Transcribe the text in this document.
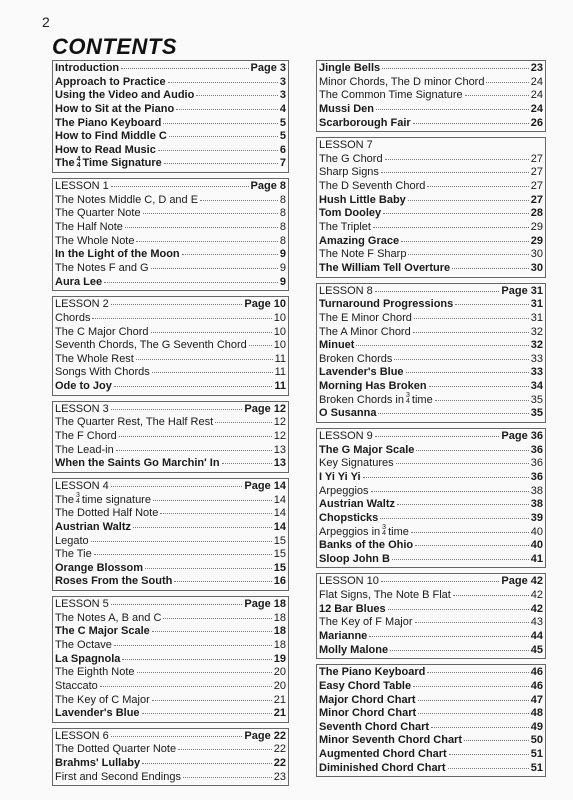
2
CONTENTS
Introduction	Page 3
Approach to Practice	3
Using the Video and Audio	3
How to Sit at the Piano	4
The Piano Keyboard	5
How to Find Middle C	5
How to Read Music	6
The 4
4 Time Signature	7
LESSON 1	Page 8
The Notes Middle C, D and E	8
The Quarter Note	8
The Half Note	8
The Whole Note	8
In the Light of the Moon	9
The Notes F and G	9
Aura Lee	9
LESSON 2	Page 10
Chords	10
The C Major Chord	10
Seventh Chords, The G Seventh Chord 10
The Whole Rest	11
Songs With Chords	11
Ode to Joy	11
LESSON 3	Page 12
The Quarter Rest, The Half Rest	12
The F Chord	12
The Lead-in	13
When the Saints Go Marchin' In	13
LESSON 4	Page 14
The 3
4 time signature	14
The Dotted Half Note	14
Austrian Waltz	14
Legato	15
The Tie	15
Orange Blossom	15
Roses From the South	16
LESSON 5	Page 18
The Notes A, B and C	18
The C Major Scale	18
The Octave	18
La Spagnola	19
The Eighth Note	20
Staccato	20
The Key of C Major	21
Lavender's Blue	21
LESSON 6	Page 22
The Dotted Quarter Note	22
Brahms' Lullaby	22
First and Second Endings	23
Jingle Bells	23
Minor Chords, The D minor Chord	24
The Common Time Signature	24
Mussi Den	24
Scarborough Fair	26
LESSON 7
The G Chord	27
Sharp Signs	27
The D Seventh Chord	27
Hush Little Baby	27
Tom Dooley	28
The Triplet	29
Amazing Grace	29
The Note F Sharp	30
The William Tell Overture	30
LESSON 8	Page 31
Turnaround Progressions	31
The E Minor Chord	31
The A Minor Chord	32
Minuet	32
Broken Chords	33
Lavender's Blue	33
Morning Has Broken	34
Broken Chords in 3
4 time	35
O Susanna	35
LESSON 9	Page 36
The G Major Scale	36
Key Signatures	36
I Yi Yi Yi	36
Arpeggios	38
Austrian Waltz	38
Chopsticks	39
Arpeggios in 3
4 time	40
Banks of the Ohio	40
Sloop John B	41
LESSON 10	Page 42
Flat Signs, The Note B Flat	42
12 Bar Blues	42
The Key of F Major	43
Marianne	44
Molly Malone	45
The Piano Keyboard	46
Easy Chord Table	46
Major Chord Chart	47
Minor Chord Chart	48
Seventh Chord Chart	49
Minor Seventh Chord Chart	50
Augmented Chord Chart	51
Diminished Chord Chart	51
